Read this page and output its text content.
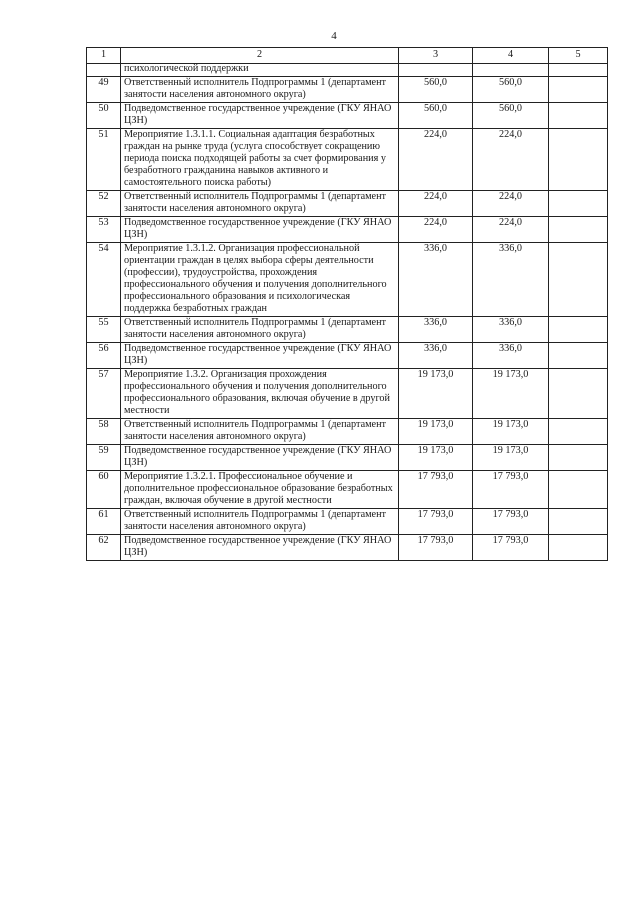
4
1	2	3	4	5
	психологической поддержки			
49	Ответственный исполнитель Подпрограммы 1 (департамент занятости населения автономного округа)	560,0	560,0	
50	Подведомственное государственное учреждение (ГКУ ЯНАО ЦЗН)	560,0	560,0	
51	Мероприятие 1.3.1.1. Социальная адаптация безработных граждан на рынке труда (услуга способствует сокращению периода поиска подходящей работы за счет формирования у безработного гражданина навыков активного и самостоятельного поиска работы)	224,0	224,0	
52	Ответственный исполнитель Подпрограммы 1 (департамент занятости населения автономного округа)	224,0	224,0	
53	Подведомственное государственное учреждение (ГКУ ЯНАО ЦЗН)	224,0	224,0	
54	Мероприятие 1.3.1.2. Организация профессиональной ориентации граждан в целях выбора сферы деятельности (профессии), трудоустройства, прохождения профессионального обучения и получения дополнительного профессионального образования и психологическая поддержка безработных граждан	336,0	336,0	
55	Ответственный исполнитель Подпрограммы 1 (департамент занятости населения автономного округа)	336,0	336,0	
56	Подведомственное государственное учреждение (ГКУ ЯНАО ЦЗН)	336,0	336,0	
57	Мероприятие 1.3.2. Организация прохождения профессионального обучения и получения дополнительного профессионального образования, включая обучение в другой местности	19 173,0	19 173,0	
58	Ответственный исполнитель Подпрограммы 1 (департамент занятости населения автономного округа)	19 173,0	19 173,0	
59	Подведомственное государственное учреждение (ГКУ ЯНАО ЦЗН)	19 173,0	19 173,0	
60	Мероприятие 1.3.2.1. Профессиональное обучение и дополнительное профессиональное образование безработных граждан, включая обучение в другой местности	17 793,0	17 793,0	
61	Ответственный исполнитель Подпрограммы 1 (департамент занятости населения автономного округа)	17 793,0	17 793,0	
62	Подведомственное государственное учреждение (ГКУ ЯНАО ЦЗН)	17 793,0	17 793,0	
